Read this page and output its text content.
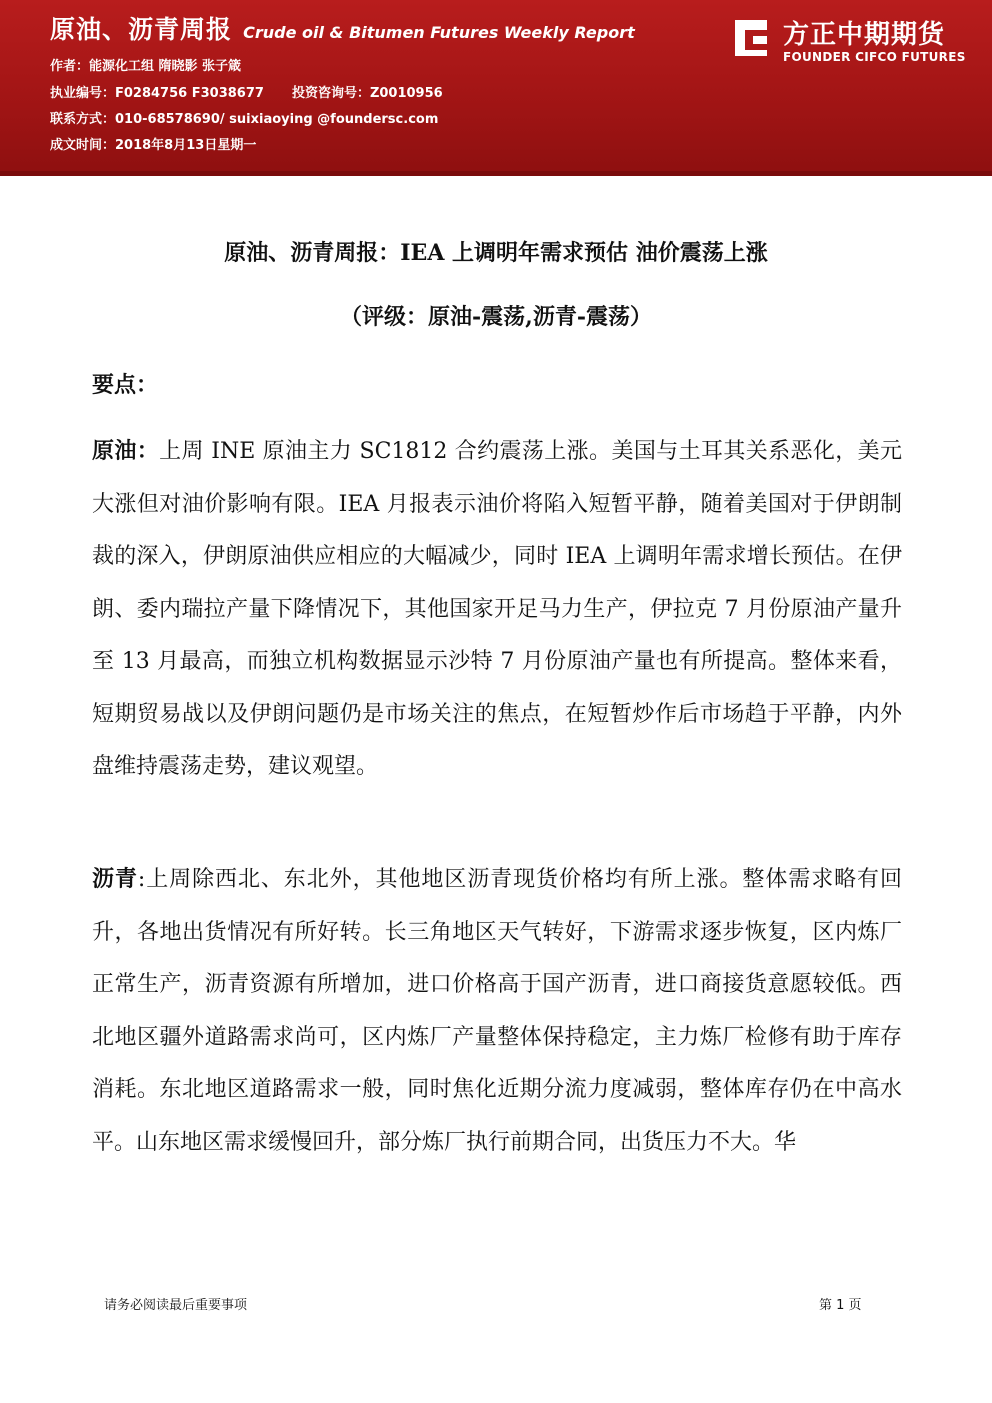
原油、沥青周报 Crude oil & Bitumen Futures Weekly Report
作者：能源化工组 隋晓影 张子箴
执业编号：F0284756 F3038677 投资咨询号：Z0010956
联系方式：010-68578690/ suixiaoying @foundersc.com
成文时间：2018年8月13日星期一
方正中期期货
FOUNDER CIFCO FUTURES
原油、沥青周报：IEA 上调明年需求预估 油价震荡上涨
（评级：原油-震荡,沥青-震荡）
要点：

原油：上周 INE 原油主力 SC1812 合约震荡上涨。美国与土耳其关系恶化，美元大涨但对油价影响有限。IEA 月报表示油价将陷入短暂平静，随着美国对于伊朗制裁的深入，伊朗原油供应相应的大幅减少，同时 IEA 上调明年需求增长预估。在伊朗、委内瑞拉产量下降情况下，其他国家开足马力生产，伊拉克 7 月份原油产量升至 13 月最高，而独立机构数据显示沙特 7 月份原油产量也有所提高。整体来看，短期贸易战以及伊朗问题仍是市场关注的焦点，在短暂炒作后市场趋于平静，内外盘维持震荡走势，建议观望。

沥青:上周除西北、东北外，其他地区沥青现货价格均有所上涨。整体需求略有回升，各地出货情况有所好转。长三角地区天气转好，下游需求逐步恢复，区内炼厂正常生产，沥青资源有所增加，进口价格高于国产沥青，进口商接货意愿较低。西北地区疆外道路需求尚可，区内炼厂产量整体保持稳定，主力炼厂检修有助于库存消耗。东北地区道路需求一般，同时焦化近期分流力度减弱，整体库存仍在中高水平。山东地区需求缓慢回升，部分炼厂执行前期合同，出货压力不大。华

请务必阅读最后重要事项	第 1 页
